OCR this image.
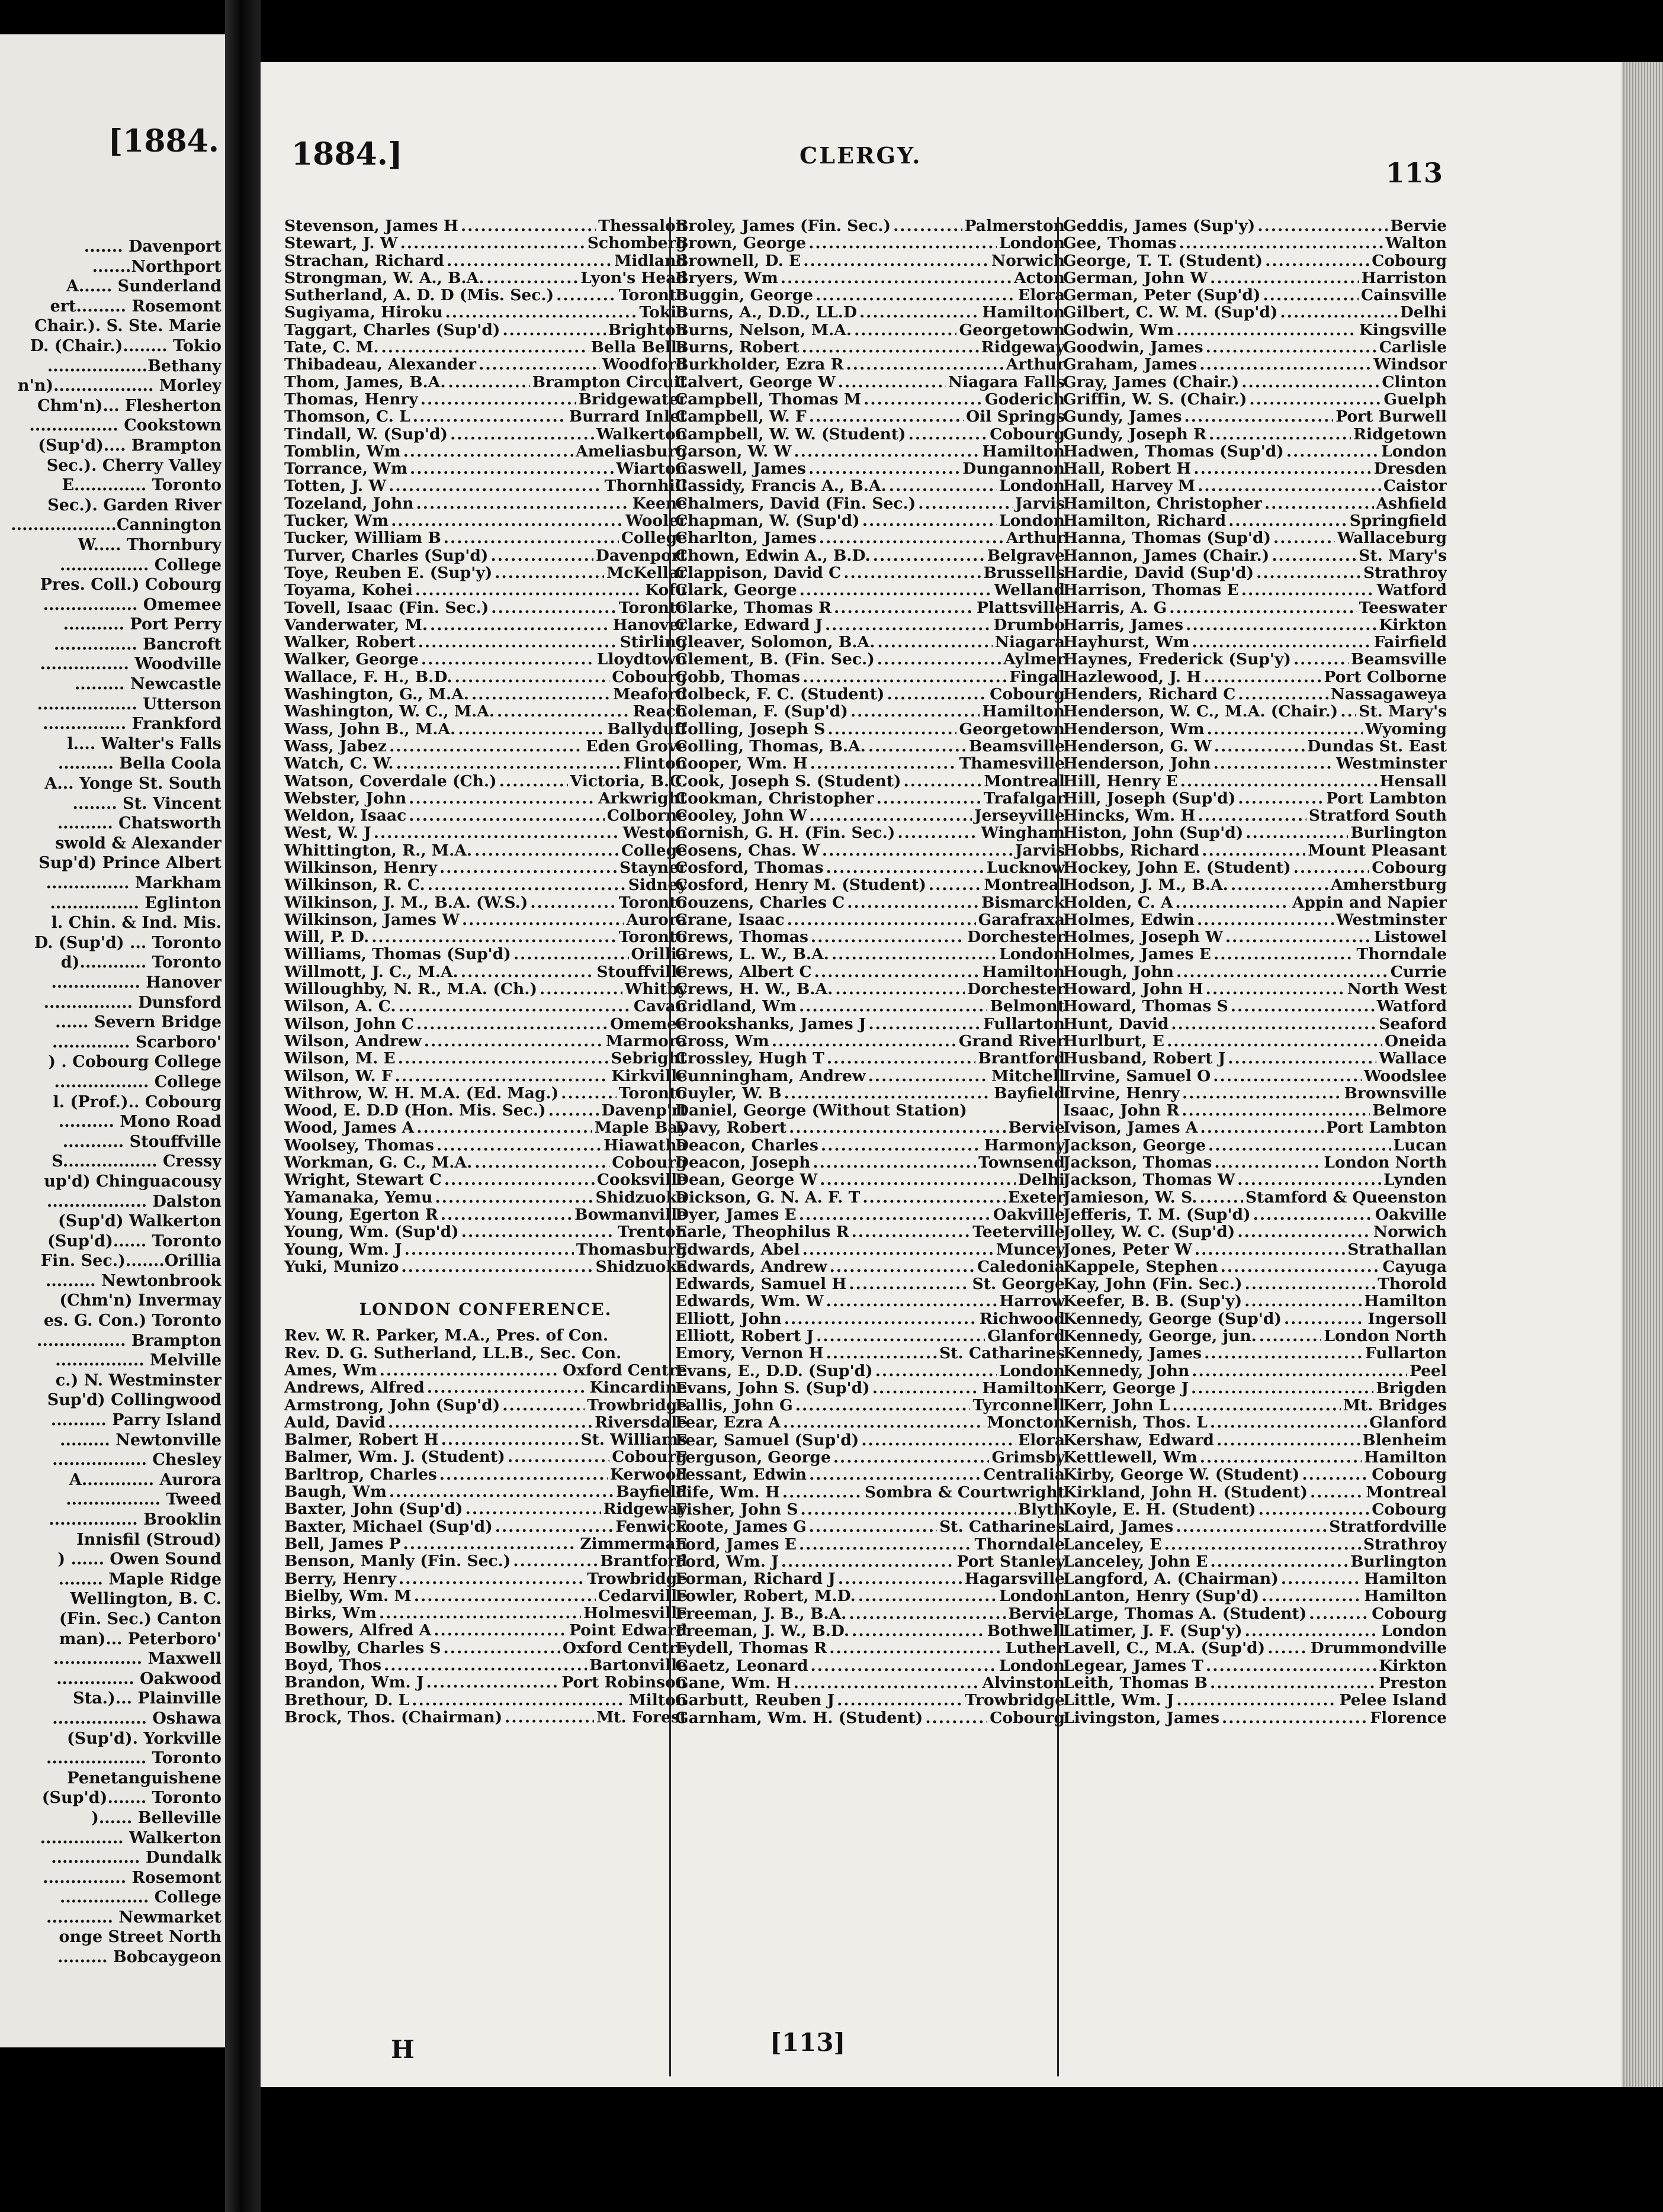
[1884.
....... Davenport
.......Northport
A...... Sunderland
ert......... Rosemont
Chair.). S. Ste. Marie
D. (Chair.)........ Tokio
..................Bethany
n'n).................. Morley
Chm'n)... Flesherton
................ Cookstown
(Sup'd).... Brampton
Sec.). Cherry Valley
E............. Toronto
Sec.). Garden River
...................Cannington
W..... Thornbury
................ College
Pres. Coll.) Cobourg
................. Omemee
........... Port Perry
............... Bancroft
................ Woodville
......... Newcastle
.................. Utterson
............... Frankford
l.... Walter's Falls
.......... Bella Coola
A... Yonge St. South
........ St. Vincent
.......... Chatsworth
swold & Alexander
Sup'd) Prince Albert
............... Markham
................ Eglinton
l. Chin. & Ind. Mis.
D. (Sup'd) ... Toronto
d)............ Toronto
................ Hanover
................ Dunsford
...... Severn Bridge
.............. Scarboro'
) . Cobourg College
................. College
l. (Prof.).. Cobourg
.......... Mono Road
........... Stouffville
S................. Cressy
up'd) Chinguacousy
.................. Dalston
(Sup'd) Walkerton
(Sup'd)...... Toronto
Fin. Sec.).......Orillia
......... Newtonbrook
(Chm'n) Invermay
es. G. Con.) Toronto
................ Brampton
................ Melville
c.) N. Westminster
Sup'd) Collingwood
.......... Parry Island
......... Newtonville
................. Chesley
A............. Aurora
................. Tweed
................ Brooklin
Innisfil (Stroud)
) ...... Owen Sound
........ Maple Ridge
Wellington, B. C.
(Fin. Sec.) Canton
man)... Peterboro'
................ Maxwell
.............. Oakwood
Sta.)... Plainville
................. Oshawa
(Sup'd). Yorkville
.................. Toronto
Penetanguishene
(Sup'd)....... Toronto
)...... Belleville
............... Walkerton
................ Dundalk
............... Rosemont
................ College
............ Newmarket
onge Street North
......... Bobcaygeon
1884.]	CLERGY.
113
Stevenson, James H .....	Thessalon
Stewart, J. W .....	Schomberg
Strachan, Richard .....	Midland
Strongman, W. A., B.A. .....	Lyon's Head
Sutherland, A. D. D (Mis. Sec.) .....	Toronto
Sugiyama, Hiroku .....	Tokio
Taggart, Charles (Sup'd) .....	Brighton
Tate, C. M. .....	Bella Bella
Thibadeau, Alexander .....	Woodford
Thom, James, B.A. .....	Brampton Circuit
Thomas, Henry .....	Bridgewater
Thomson, C. L .....	Burrard Inlet
Tindall, W. (Sup'd) .....	Walkerton
Tomblin, Wm .....	Ameliasburg
Torrance, Wm .....	Wiarton
Totten, J. W .....	Thornhill
Tozeland, John .....	Keene
Tucker, Wm .....	Wooler
Tucker, William B .....	College
Turver, Charles (Sup'd) .....	Davenport
Toye, Reuben E. (Sup'y) .....	McKellar
Toyama, Kohei .....	Kofu
Tovell, Isaac (Fin. Sec.) .....	Toronto
Vanderwater, M. .....	Hanover
Walker, Robert .....	Stirling
Walker, George .....	Lloydtown
Wallace, F. H., B.D. .....	Cobourg
Washington, G., M.A. .....	Meaford
Washington, W. C., M.A. .....	Reach
Wass, John B., M.A. .....	Ballyduff
Wass, Jabez .....	Eden Grove
Watch, C. W. .....	Flinton
Watson, Coverdale (Ch.) .....	Victoria, B.C.
Webster, John .....	Arkwright
Weldon, Isaac .....	Colborne
West, W. J .....	Weston
Whittington, R., M.A. .....	College
Wilkinson, Henry .....	Stayner
Wilkinson, R. C. .....	Sidney
Wilkinson, J. M., B.A. (W.S.) .....	Toronto
Wilkinson, James W .....	Aurora
Will, P. D. .....	Toronto
Williams, Thomas (Sup'd) .....	Orillia
Willmott, J. C., M.A. .....	Stouffville
Willoughby, N. R., M.A. (Ch.) .....	Whitby
Wilson, A. C. .....	Cavan
Wilson, John C .....	Omemee
Wilson, Andrew .....	Marmora
Wilson, M. E .....	Sebright
Wilson, W. F .....	Kirkville
Withrow, W. H. M.A. (Ed. Mag.) .....	Toronto
Wood, E. D.D (Hon. Mis. Sec.) .....	Davenp'rt
Wood, James A .....	Maple Bay
Woolsey, Thomas .....	Hiawatha
Workman, G. C., M.A. .....	Cobourg
Wright, Stewart C .....	Cooksville
Yamanaka, Yemu .....	Shidzuoka
Young, Egerton R .....	Bowmanville
Young, Wm. (Sup'd) .....	Trenton
Young, Wm. J .....	Thomasburg
Yuki, Munizo .....	Shidzuoka
LONDON CONFERENCE.
Rev. W. R. Parker, M.A., Pres. of Con.
Rev. D. G. Sutherland, LL.B., Sec. Con.
Ames, Wm .....	Oxford Centre
Andrews, Alfred .....	Kincardine
Armstrong, John (Sup'd) .....	Trowbridge
Auld, David .....	Riversdale
Balmer, Robert H .....	St. Williams
Balmer, Wm. J. (Student) .....	Cobourg
Barltrop, Charles .....	Kerwood
Baugh, Wm .....	Bayfield
Baxter, John (Sup'd) .....	Ridgeway
Baxter, Michael (Sup'd) .....	Fenwick
Bell, James P .....	Zimmerman
Benson, Manly (Fin. Sec.) .....	Brantford
Berry, Henry .....	Trowbridge
Bielby, Wm. M .....	Cedarville
Birks, Wm .....	Holmesville
Bowers, Alfred A .....	Point Edward
Bowlby, Charles S .....	Oxford Centre
Boyd, Thos .....	Bartonville
Brandon, Wm. J .....	Port Robinson
Brethour, D. L .....	Milton
Brock, Thos. (Chairman) .....	Mt. Forest
Broley, James (Fin. Sec.) .....	Palmerston
Brown, George .....	London
Brownell, D. E .....	Norwich
Bryers, Wm .....	Acton
Buggin, George .....	Elora
Burns, A., D.D., LL.D .....	Hamilton
Burns, Nelson, M.A. .....	Georgetown
Burns, Robert .....	Ridgeway
Burkholder, Ezra R .....	Arthur
Calvert, George W .....	Niagara Falls
Campbell, Thomas M .....	Goderich
Campbell, W. F .....	Oil Springs
Campbell, W. W. (Student) .....	Cobourg
Carson, W. W .....	Hamilton
Caswell, James .....	Dungannon
Cassidy, Francis A., B.A. .....	London
Chalmers, David (Fin. Sec.) .....	Jarvis
Chapman, W. (Sup'd) .....	London
Charlton, James .....	Arthur
Chown, Edwin A., B.D. .....	Belgrave
Clappison, David C .....	Brussells
Clark, George .....	Welland
Clarke, Thomas R .....	Plattsville
Clarke, Edward J .....	Drumbo
Cleaver, Solomon, B.A. .....	Niagara
Clement, B. (Fin. Sec.) .....	Aylmer
Cobb, Thomas .....	Fingal
Colbeck, F. C. (Student) .....	Cobourg
Coleman, F. (Sup'd) .....	Hamilton
Colling, Joseph S .....	Georgetown
Colling, Thomas, B.A. .....	Beamsville
Cooper, Wm. H .....	Thamesville
Cook, Joseph S. (Student) .....	Montreal
Cookman, Christopher .....	Trafalgar
Cooley, John W .....	Jerseyville
Cornish, G. H. (Fin. Sec.) .....	Wingham
Cosens, Chas. W .....	Jarvis
Cosford, Thomas .....	Lucknow
Cosford, Henry M. (Student) .....	Montreal
Couzens, Charles C .....	Bismarck
Crane, Isaac .....	Garafraxa
Crews, Thomas .....	Dorchester
Crews, L. W., B.A. .....	London
Crews, Albert C .....	Hamilton
Crews, H. W., B.A. .....	Dorchester
Cridland, Wm .....	Belmont
Crookshanks, James J .....	Fullarton
Cross, Wm .....	Grand River
Crossley, Hugh T .....	Brantford
Cunningham, Andrew .....	Mitchell
Cuyler, W. B .....	Bayfield
Daniel, George (Without Station)
Davy, Robert .....	Bervie
Deacon, Charles .....	Harmony
Deacon, Joseph .....	Townsend
Dean, George W .....	Delhi
Dickson, G. N. A. F. T .....	Exeter
Dyer, James E .....	Oakville
Earle, Theophilus R .....	Teeterville
Edwards, Abel .....	Muncey
Edwards, Andrew .....	Caledonia
Edwards, Samuel H .....	St. George
Edwards, Wm. W .....	Harrow
Elliott, John .....	Richwood
Elliott, Robert J .....	Glanford
Emory, Vernon H .....	St. Catharines
Evans, E., D.D. (Sup'd) .....	London
Evans, John S. (Sup'd) .....	Hamilton
Fallis, John G .....	Tyrconnell
Fear, Ezra A .....	Moncton
Fear, Samuel (Sup'd) .....	Elora
Ferguson, George .....	Grimsby
Fessant, Edwin .....	Centralia
Fife, Wm. H .....	Sombra & Courtwright
Fisher, John S .....	Blyth
Foote, James G .....	St. Catharines
Ford, James E .....	Thorndale
Ford, Wm. J .....	Port Stanley
Forman, Richard J .....	Hagarsville
Fowler, Robert, M.D. .....	London
Freeman, J. B., B.A. .....	Bervie
Freeman, J. W., B.D. .....	Bothwell
Fydell, Thomas R .....	Luther
Gaetz, Leonard .....	London
Gane, Wm. H .....	Alvinston
Garbutt, Reuben J .....	Trowbridge
Garnham, Wm. H. (Student) .....	Cobourg
Geddis, James (Sup'y) .....	Bervie
Gee, Thomas .....	Walton
George, T. T. (Student) .....	Cobourg
German, John W .....	Harriston
German, Peter (Sup'd) .....	Cainsville
Gilbert, C. W. M. (Sup'd) .....	Delhi
Godwin, Wm .....	Kingsville
Goodwin, James .....	Carlisle
Graham, James .....	Windsor
Gray, James (Chair.) .....	Clinton
Griffin, W. S. (Chair.) .....	Guelph
Gundy, James .....	Port Burwell
Gundy, Joseph R .....	Ridgetown
Hadwen, Thomas (Sup'd) .....	London
Hall, Robert H .....	Dresden
Hall, Harvey M .....	Caistor
Hamilton, Christopher .....	Ashfield
Hamilton, Richard .....	Springfield
Hanna, Thomas (Sup'd) .....	Wallaceburg
Hannon, James (Chair.) .....	St. Mary's
Hardie, David (Sup'd) .....	Strathroy
Harrison, Thomas E .....	Watford
Harris, A. G .....	Teeswater
Harris, James .....	Kirkton
Hayhurst, Wm .....	Fairfield
Haynes, Frederick (Sup'y) .....	Beamsville
Hazlewood, J. H .....	Port Colborne
Henders, Richard C .....	Nassagaweya
Henderson, W. C., M.A. (Chair.) ..... St. Mary's
Henderson, Wm .....	Wyoming
Henderson, G. W .....	Dundas St. East
Henderson, John .....	Westminster
Hill, Henry E .....	Hensall
Hill, Joseph (Sup'd) .....	Port Lambton
Hincks, Wm. H .....	Stratford South
Histon, John (Sup'd) .....	Burlington
Hobbs, Richard .....	Mount Pleasant
Hockey, John E. (Student) .....	Cobourg
Hodson, J. M., B.A. .....	Amherstburg
Holden, C. A .....	Appin and Napier
Holmes, Edwin .....	Westminster
Holmes, Joseph W .....	Listowel
Holmes, James E .....	Thorndale
Hough, John .....	Currie
Howard, John H .....	North West
Howard, Thomas S .....	Watford
Hunt, David .....	Seaford
Hurlburt, E .....	Oneida
Husband, Robert J .....	Wallace
Irvine, Samuel O .....	Woodslee
Irvine, Henry .....	Brownsville
Isaac, John R .....	Belmore
Ivison, James A .....	Port Lambton
Jackson, George .....	Lucan
Jackson, Thomas .....	London North
Jackson, Thomas W .....	Lynden
Jamieson, W. S. .....	Stamford & Queenston
Jefferis, T. M. (Sup'd) .....	Oakville
Jolley, W. C. (Sup'd) .....	Norwich
Jones, Peter W .....	Strathallan
Kappele, Stephen .....	Cayuga
Kay, John (Fin. Sec.) .....	Thorold
Keefer, B. B. (Sup'y) .....	Hamilton
Kennedy, George (Sup'd) .....	Ingersoll
Kennedy, George, jun. .....	London North
Kennedy, James .....	Fullarton
Kennedy, John .....	Peel
Kerr, George J .....	Brigden
Kerr, John L .....	Mt. Bridges
Kernish, Thos. L .....	Glanford
Kershaw, Edward .....	Blenheim
Kettlewell, Wm .....	Hamilton
Kirby, George W. (Student) .....	Cobourg
Kirkland, John H. (Student) .....	Montreal
Koyle, E. H. (Student) .....	Cobourg
Laird, James .....	Stratfordville
Lanceley, E .....	Strathroy
Lanceley, John E .....	Burlington
Langford, A. (Chairman) .....	Hamilton
Lanton, Henry (Sup'd) .....	Hamilton
Large, Thomas A. (Student) .....	Cobourg
Latimer, J. F. (Sup'y) .....	London
Lavell, C., M.A. (Sup'd) .....	Drummondville
Legear, James T .....	Kirkton
Leith, Thomas B .....	Preston
Little, Wm. J .....	Pelee Island
Livingston, James .....	Florence
H	[113]
